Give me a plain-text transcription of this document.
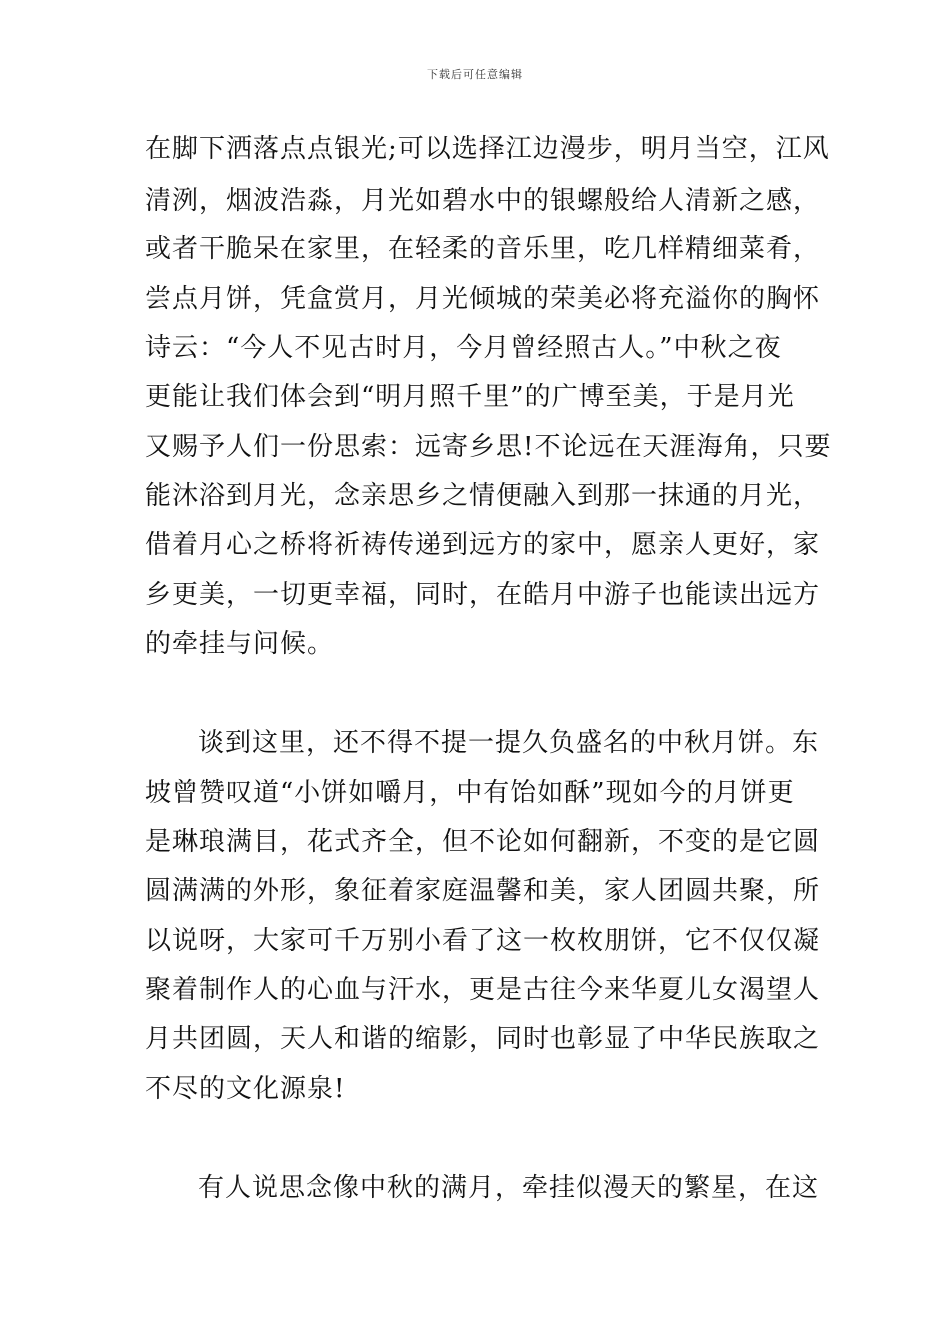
下载后可任意编辑
在脚下洒落点点银光;可以选择江边漫步，明月当空，江风
清洌，烟波浩淼，月光如碧水中的银螺般给人清新之感，
或者干脆呆在家里，在轻柔的音乐里，吃几样精细菜肴，
尝点月饼，凭盒赏月，月光倾城的荣美必将充溢你的胸怀
诗云：“今人不见古时月，今月曾经照古人。”中秋之夜
更能让我们体会到“明月照千里”的广博至美，于是月光
又赐予人们一份思索：远寄乡思!不论远在天涯海角，只要
能沐浴到月光，念亲思乡之情便融入到那一抹通的月光，
借着月心之桥将祈祷传递到远方的家中，愿亲人更好，家
乡更美，一切更幸福，同时，在皓月中游子也能读出远方
的牵挂与问候。
谈到这里，还不得不提一提久负盛名的中秋月饼。东
坡曾赞叹道“小饼如嚼月，中有饴如酥”现如今的月饼更
是琳琅满目，花式齐全，但不论如何翻新，不变的是它圆
圆满满的外形，象征着家庭温馨和美，家人团圆共聚，所
以说呀，大家可千万别小看了这一枚枚朋饼，它不仅仅凝
聚着制作人的心血与汗水，更是古往今来华夏儿女渴望人
月共团圆，天人和谐的缩影，同时也彰显了中华民族取之
不尽的文化源泉!
有人说思念像中秋的满月，牵挂似漫天的繁星，在这
